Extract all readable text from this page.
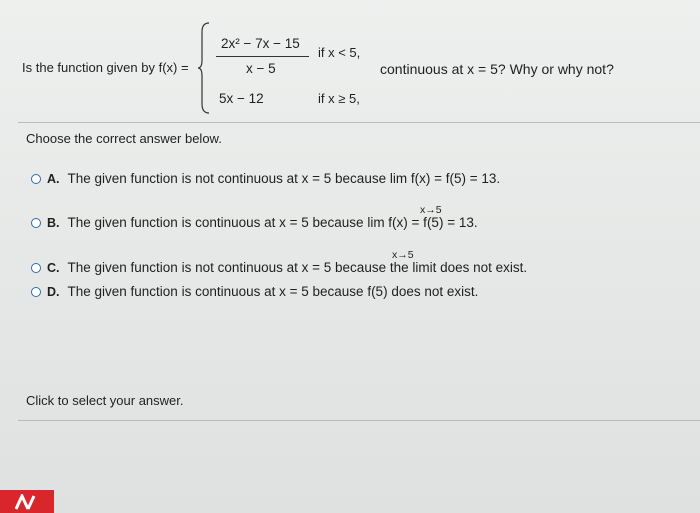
Is the function given by f(x) =
2x² − 7x − 15
x − 5
if x < 5,
5x − 12	if x ≥ 5,
continuous at x = 5? Why or why not?
Choose the correct answer below.
A. The given function is not continuous at x = 5 because lim f(x) = f(5) = 13.
x→5
B. The given function is continuous at x = 5 because lim f(x) = f(5) = 13.
x→5
C. The given function is not continuous at x = 5 because the limit does not exist.
D. The given function is continuous at x = 5 because f(5) does not exist.
Click to select your answer.
